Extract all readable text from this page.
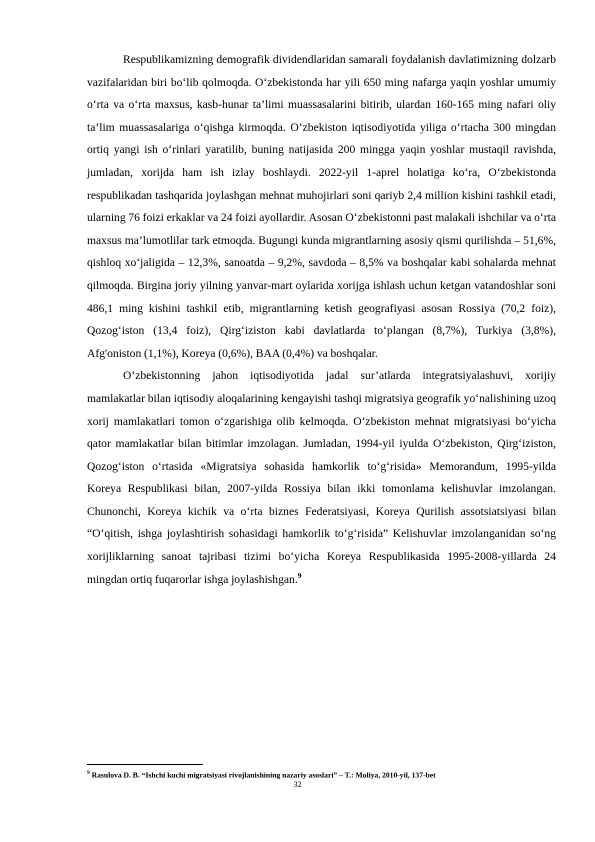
Respublikamizning demografik dividendlaridan samarali foydalanish davlatimizning dolzarb vazifalaridan biri bo‘lib qolmoqda. O‘zbekistonda har yili 650 ming nafarga yaqin yoshlar umumiy o‘rta va o‘rta maxsus, kasb-hunar ta’limi muassasalarini bitirib, ulardan 160-165 ming nafari oliy ta’lim muassasalariga o‘qishga kirmoqda. O‘zbekiston iqtisodiyotida yiliga o‘rtacha 300 mingdan ortiq yangi ish o‘rinlari yaratilib, buning natijasida 200 mingga yaqin yoshlar mustaqil ravishda, jumladan, xorijda ham ish izlay boshlaydi. 2022-yil 1-aprel holatiga ko‘ra, O‘zbekistonda respublikadan tashqarida joylashgan mehnat muhojirlari soni qariyb 2,4 million kishini tashkil etadi, ularning 76 foizi erkaklar va 24 foizi ayollardir. Asosan O‘zbekistonni past malakali ishchilar va o‘rta maxsus ma’lumotlilar tark etmoqda. Bugungi kunda migrantlarning asosiy qismi qurilishda – 51,6%, qishloq xo‘jaligida – 12,3%, sanoatda – 9,2%, savdoda – 8,5% va boshqalar kabi sohalarda mehnat qilmoqda. Birgina joriy yilning yanvar-mart oylarida xorijga ishlash uchun ketgan vatandoshlar soni 486,1 ming kishini tashkil etib, migrantlarning ketish geografiyasi asosan Rossiya (70,2 foiz), Qozog‘iston (13,4 foiz), Qirg‘iziston kabi davlatlarda to‘plangan (8,7%), Turkiya (3,8%), Afg'oniston (1,1%), Koreya (0,6%), BAA (0,4%) va boshqalar.

O‘zbekistonning jahon iqtisodiyotida jadal sur’atlarda integratsiyalashuvi, xorijiy mamlakatlar bilan iqtisodiy aloqalarining kengayishi tashqi migratsiya geografik yo‘nalishining uzoq xorij mamlakatlari tomon o‘zgarishiga olib kelmoqda. O‘zbekiston mehnat migratsiyasi bo‘yicha qator mamlakatlar bilan bitimlar imzolagan. Jumladan, 1994-yil iyulda O‘zbekiston, Qirg‘iziston, Qozog‘iston o‘rtasida «Migratsiya sohasida hamkorlik to‘g‘risida» Memorandum, 1995-yilda Koreya Respublikasi bilan, 2007-yilda Rossiya bilan ikki tomonlama kelishuvlar imzolangan. Chunonchi, Koreya kichik va o‘rta biznes Federatsiyasi, Koreya Qurilish assotsiatsiyasi bilan “O‘qitish, ishga joylashtirish sohasidagi hamkorlik to‘g‘risida” Kelishuvlar imzolanganidan so‘ng xorijliklarning sanoat tajribasi tizimi bo‘yicha Koreya Respublikasida 1995-2008-yillarda 24 mingdan ortiq fuqarorlar ishga joylashishgan.$^9$

$^9$ Rasulova D. B. “Ishchi kuchi migratsiyasi rivojlanishining nazariy asoslari” – T.: Moliya, 2010-yil, 137-bet
32
